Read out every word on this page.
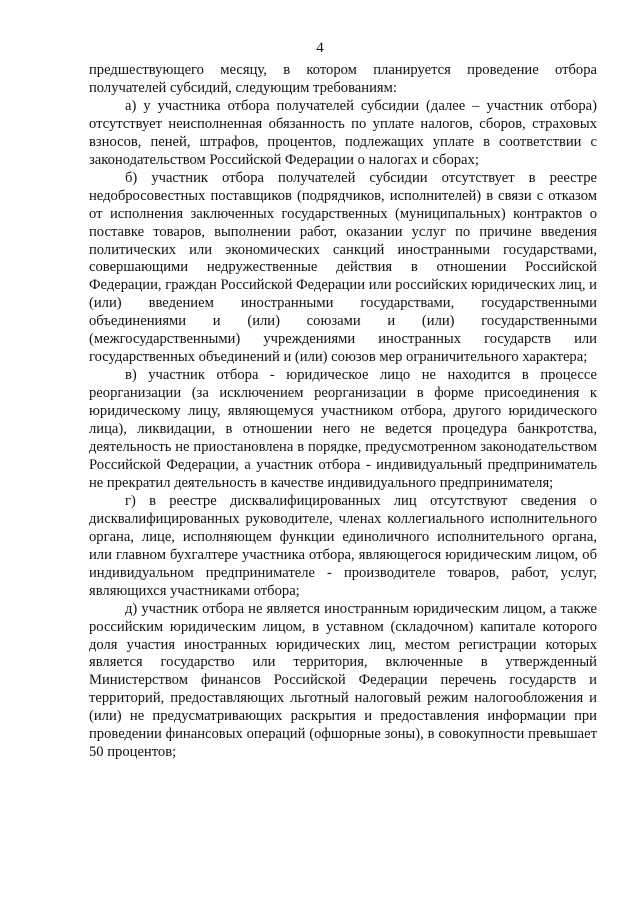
4

предшествующего месяцу, в котором планируется проведение отбора получателей субсидий, следующим требованиям:

а) у участника отбора получателей субсидии (далее – участник отбора) отсутствует неисполненная обязанность по уплате налогов, сборов, страховых взносов, пеней, штрафов, процентов, подлежащих уплате в соответствии с законодательством Российской Федерации о налогах и сборах;

б) участник отбора получателей субсидии отсутствует в реестре недобросовестных поставщиков (подрядчиков, исполнителей) в связи с отказом от исполнения заключенных государственных (муниципальных) контрактов о поставке товаров, выполнении работ, оказании услуг по причине введения политических или экономических санкций иностранными государствами, совершающими недружественные действия в отношении Российской Федерации, граждан Российской Федерации или российских юридических лиц, и (или) введением иностранными государствами, государственными объединениями и (или) союзами и (или) государственными (межгосударственными) учреждениями иностранных государств или государственных объединений и (или) союзов мер ограничительного характера;

в) участник отбора - юридическое лицо не находится в процессе реорганизации (за исключением реорганизации в форме присоединения к юридическому лицу, являющемуся участником отбора, другого юридического лица), ликвидации, в отношении него не ведется процедура банкротства, деятельность не приостановлена в порядке, предусмотренном законодательством Российской Федерации, а участник отбора - индивидуальный предприниматель не прекратил деятельность в качестве индивидуального предпринимателя;

г) в реестре дисквалифицированных лиц отсутствуют сведения о дисквалифицированных руководителе, членах коллегиального исполнительного органа, лице, исполняющем функции единоличного исполнительного органа, или главном бухгалтере участника отбора, являющегося юридическим лицом, об индивидуальном предпринимателе - производителе товаров, работ, услуг, являющихся участниками отбора;

д) участник отбора не является иностранным юридическим лицом, а также российским юридическим лицом, в уставном (складочном) капитале которого доля участия иностранных юридических лиц, местом регистрации которых является государство или территория, включенные в утвержденный Министерством финансов Российской Федерации перечень государств и территорий, предоставляющих льготный налоговый режим налогообложения и (или) не предусматривающих раскрытия и предоставления информации при проведении финансовых операций (офшорные зоны), в совокупности превышает 50 процентов;
